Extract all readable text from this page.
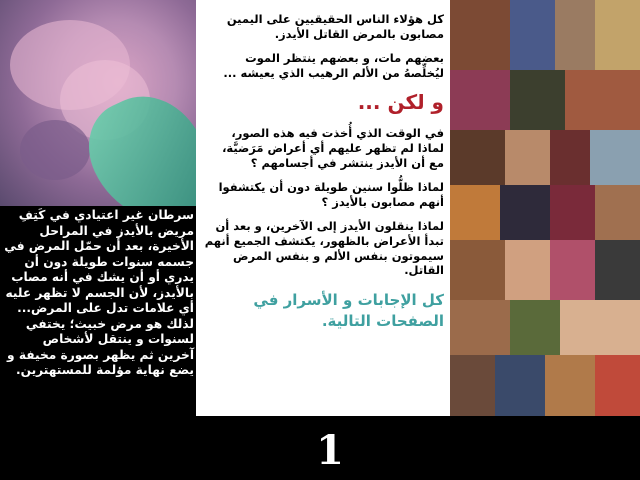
سرطان غير اعتيادي في كَتِفِ مريض بالأيدز في المراحل الأخيرة، بعد أن حمّل المرض في جسمه سنوات طويلة دون أن يدري أو أن يشك في أنه مصاب بالأيدز، لأن الجسم لا تظهر عليه أي علامات تدل على المرض... لذلك هو مرض خبيث؛ يختفي لسنوات و ينتقل لأشخاص آخرين ثم يظهر بصورة مخيفة و يضع نهاية مؤلمة للمستهترين.

كل هؤلاء الناس الحقيقيين على اليمين مصابون بالمرض القاتل الأيدز.

بعضهم مات، و بعضهم ينتظر الموت ليُخلِّصهُ من الألم الرهيب الذي يعيشه ...

و لكن ...

في الوقت الذي أُخذت فيه هذه الصور، لماذا لم تظهر عليهم أي أعراض مَرَضيَّة، مع أن الأيدز ينتشر في أجسامهم ؟

لماذا ظلُّوا سنين طويلة دون أن يكتشفوا أنهم مصابون بالأيدز ؟

لماذا ينقلون الأيدز إلى الآخرين، و بعد أن تبدأ الأعراض بالظهور، يكتشف الجميع أنهم سيموتون بنفس الألم و بنفس المرض القاتل.

كل الإجابات و الأسرار في الصفحات التالية.

1
